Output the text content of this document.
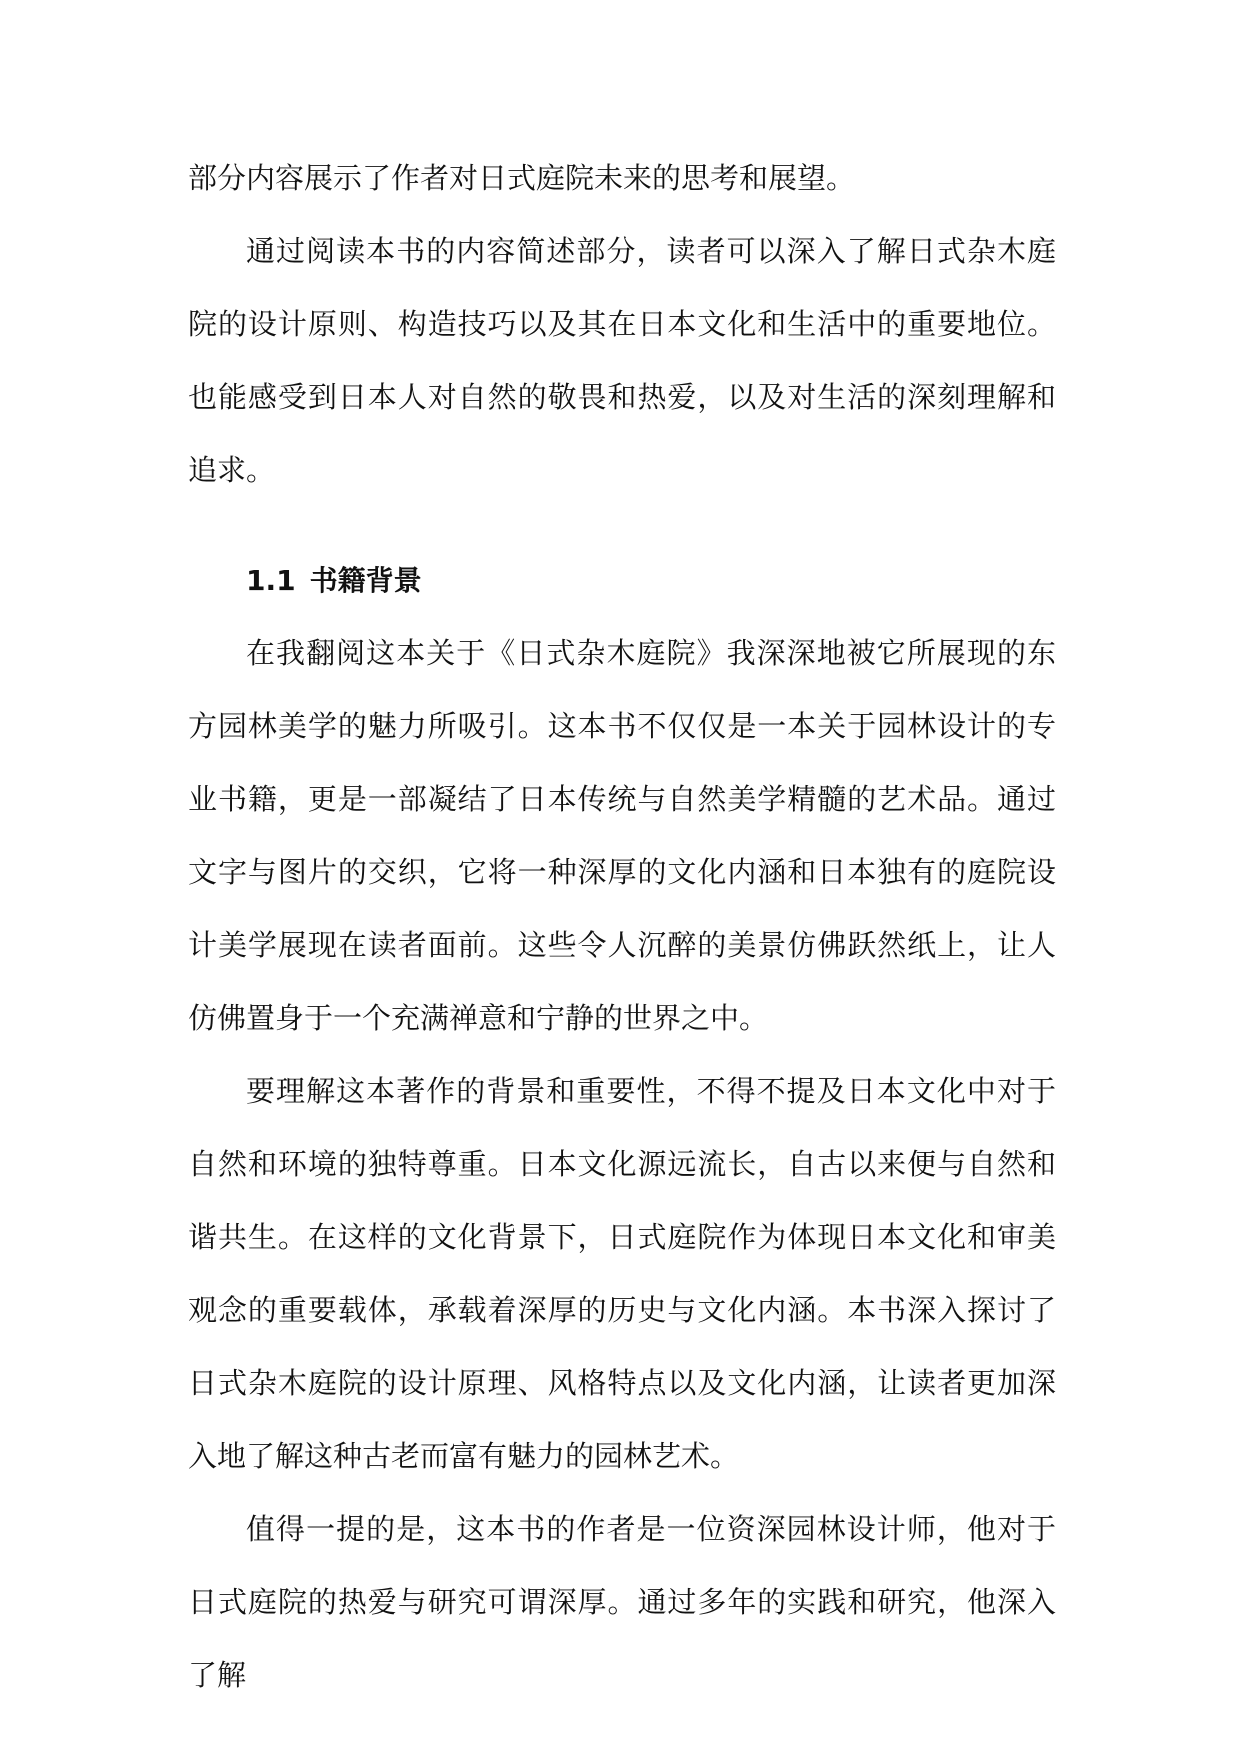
部分内容展示了作者对日式庭院未来的思考和展望。

通过阅读本书的内容简述部分，读者可以深入了解日式杂木庭院的设计原则、构造技巧以及其在日本文化和生活中的重要地位。也能感受到日本人对自然的敬畏和热爱，以及对生活的深刻理解和追求。

1.1 书籍背景

在我翻阅这本关于《日式杂木庭院》我深深地被它所展现的东方园林美学的魅力所吸引。这本书不仅仅是一本关于园林设计的专业书籍，更是一部凝结了日本传统与自然美学精髓的艺术品。通过文字与图片的交织，它将一种深厚的文化内涵和日本独有的庭院设计美学展现在读者面前。这些令人沉醉的美景仿佛跃然纸上，让人仿佛置身于一个充满禅意和宁静的世界之中。

要理解这本著作的背景和重要性，不得不提及日本文化中对于自然和环境的独特尊重。日本文化源远流长，自古以来便与自然和谐共生。在这样的文化背景下，日式庭院作为体现日本文化和审美观念的重要载体，承载着深厚的历史与文化内涵。本书深入探讨了日式杂木庭院的设计原理、风格特点以及文化内涵，让读者更加深入地了解这种古老而富有魅力的园林艺术。

值得一提的是，这本书的作者是一位资深园林设计师，他对于日式庭院的热爱与研究可谓深厚。通过多年的实践和研究，他深入了解
